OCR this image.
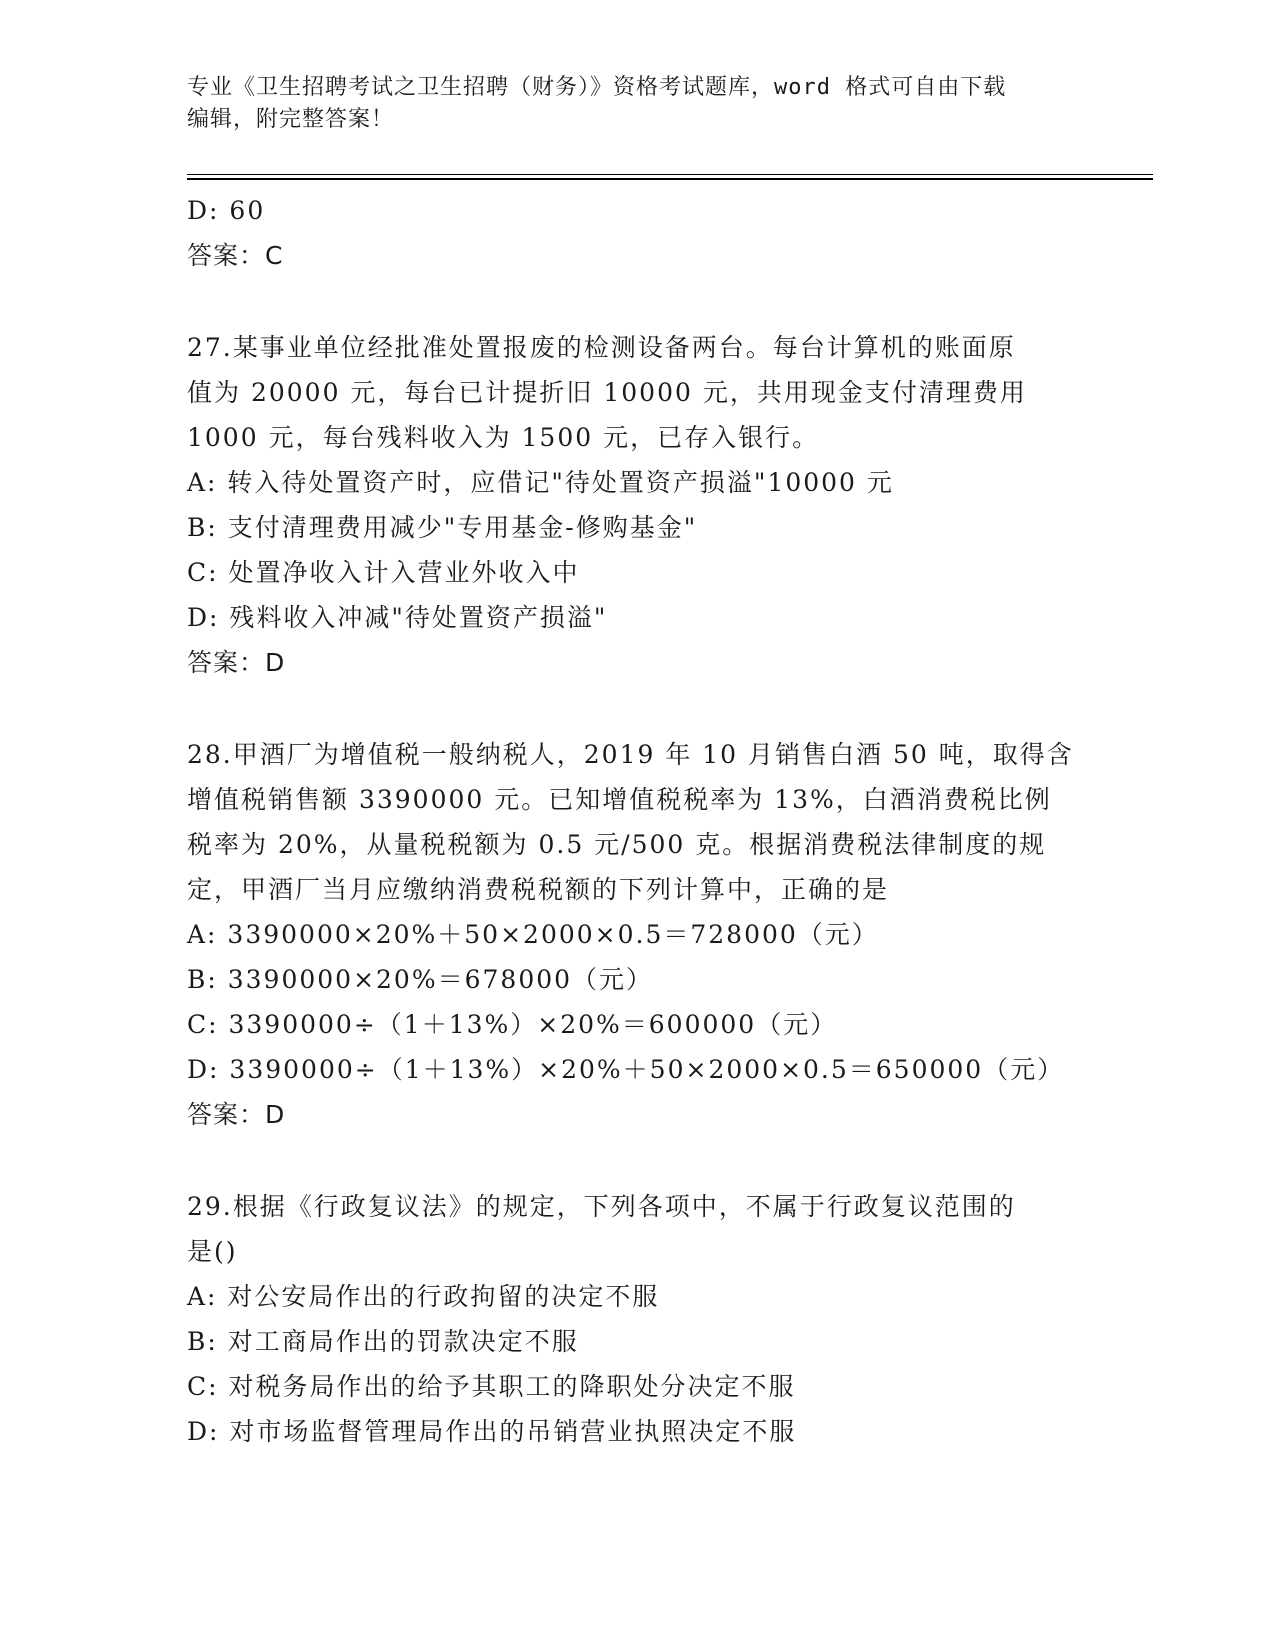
专业《卫生招聘考试之卫生招聘（财务）》资格考试题库，word 格式可自由下载
编辑，附完整答案！
D: 60
答案：C
27.某事业单位经批准处置报废的检测设备两台。每台计算机的账面原
值为 20000 元，每台已计提折旧 10000 元，共用现金支付清理费用
1000 元，每台残料收入为 1500 元，已存入银行。
A: 转入待处置资产时，应借记"待处置资产损溢"10000 元
B: 支付清理费用减少"专用基金-修购基金"
C: 处置净收入计入营业外收入中
D: 残料收入冲减"待处置资产损溢"
答案：D
28.甲酒厂为增值税一般纳税人，2019 年 10 月销售白酒 50 吨，取得含
增值税销售额 3390000 元。已知增值税税率为 13%，白酒消费税比例
税率为 20%，从量税税额为 0.5 元/500 克。根据消费税法律制度的规
定，甲酒厂当月应缴纳消费税税额的下列计算中，正确的是
A: 3390000×20%＋50×2000×0.5＝728000（元）
B: 3390000×20%＝678000（元）
C: 3390000÷（1＋13%）×20%＝600000（元）
D: 3390000÷（1＋13%）×20%＋50×2000×0.5＝650000（元）
答案：D
29.根据《行政复议法》的规定，下列各项中，不属于行政复议范围的
是()
A: 对公安局作出的行政拘留的决定不服
B: 对工商局作出的罚款决定不服
C: 对税务局作出的给予其职工的降职处分决定不服
D: 对市场监督管理局作出的吊销营业执照决定不服
